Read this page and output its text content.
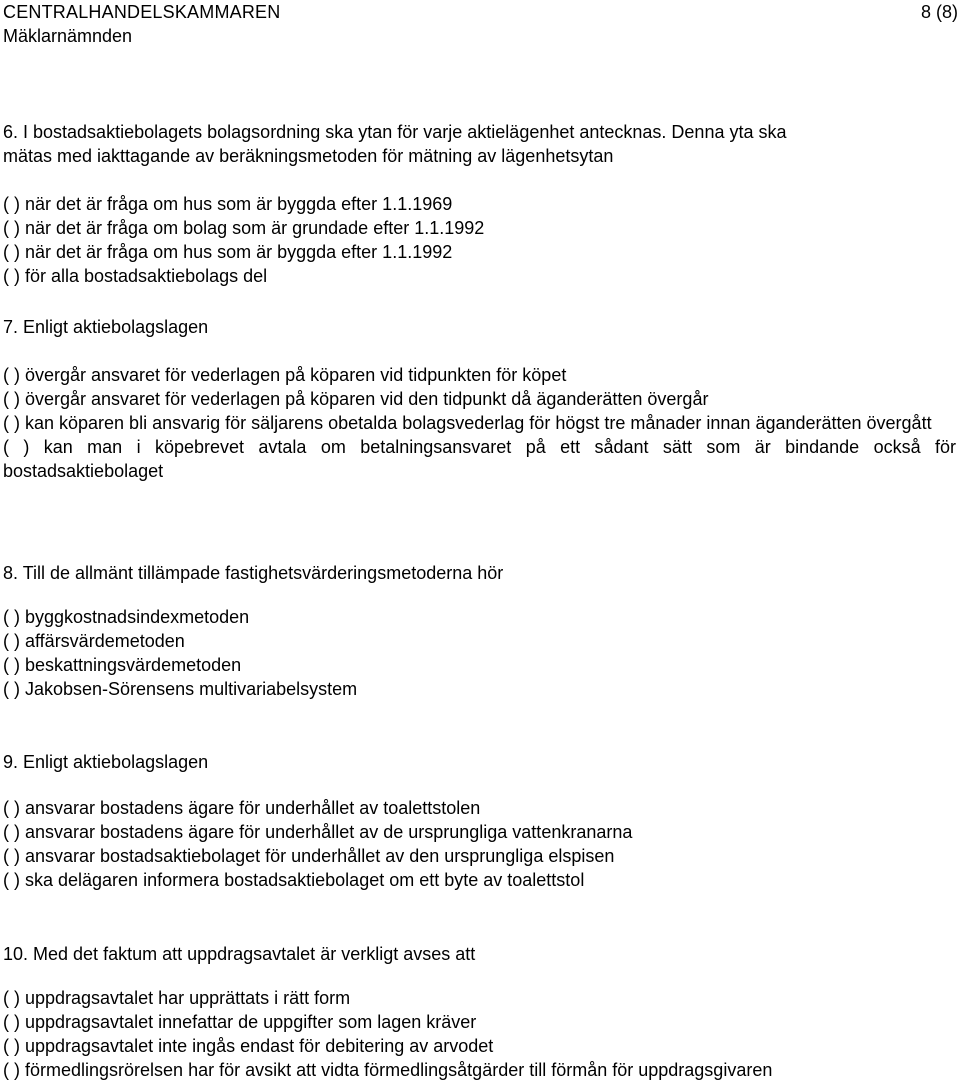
CENTRALHANDELSKAMMAREN
Mäklarnämnden
8 (8)
6. I bostadsaktiebolagets bolagsordning ska ytan för varje aktielägenhet antecknas. Denna yta ska
mätas med iakttagande av beräkningsmetoden för mätning av lägenhetsytan
( ) när det är fråga om hus som är byggda efter 1.1.1969
( ) när det är fråga om bolag som är grundade efter 1.1.1992
( ) när det är fråga om hus som är byggda efter 1.1.1992
( ) för alla bostadsaktiebolags del
7. Enligt aktiebolagslagen
( ) övergår ansvaret för vederlagen på köparen vid tidpunkten för köpet
( ) övergår ansvaret för vederlagen på köparen vid den tidpunkt då äganderätten övergår
( ) kan köparen bli ansvarig för säljarens obetalda bolagsvederlag för högst tre månader innan äganderätten övergått
( ) kan man i köpebrevet avtala om betalningsansvaret på ett sådant sätt som är bindande också för bostadsaktiebolaget
8. Till de allmänt tillämpade fastighetsvärderingsmetoderna hör
( ) byggkostnadsindexmetoden
( ) affärsvärdemetoden
( ) beskattningsvärdemetoden
( ) Jakobsen-Sörensens multivariabelsystem
9. Enligt aktiebolagslagen
( ) ansvarar bostadens ägare för underhållet av toalettstolen
( ) ansvarar bostadens ägare för underhållet av de ursprungliga vattenkranarna
( ) ansvarar bostadsaktiebolaget för underhållet av den ursprungliga elspisen
( ) ska delägaren informera bostadsaktiebolaget om ett byte av toalettstol
10. Med det faktum att uppdragsavtalet är verkligt avses att
( ) uppdragsavtalet har upprättats i rätt form
( ) uppdragsavtalet innefattar de uppgifter som lagen kräver
( ) uppdragsavtalet inte ingås endast för debitering av arvodet
( ) förmedlingsrörelsen har för avsikt att vidta förmedlingsåtgärder till förmån för uppdragsgivaren
